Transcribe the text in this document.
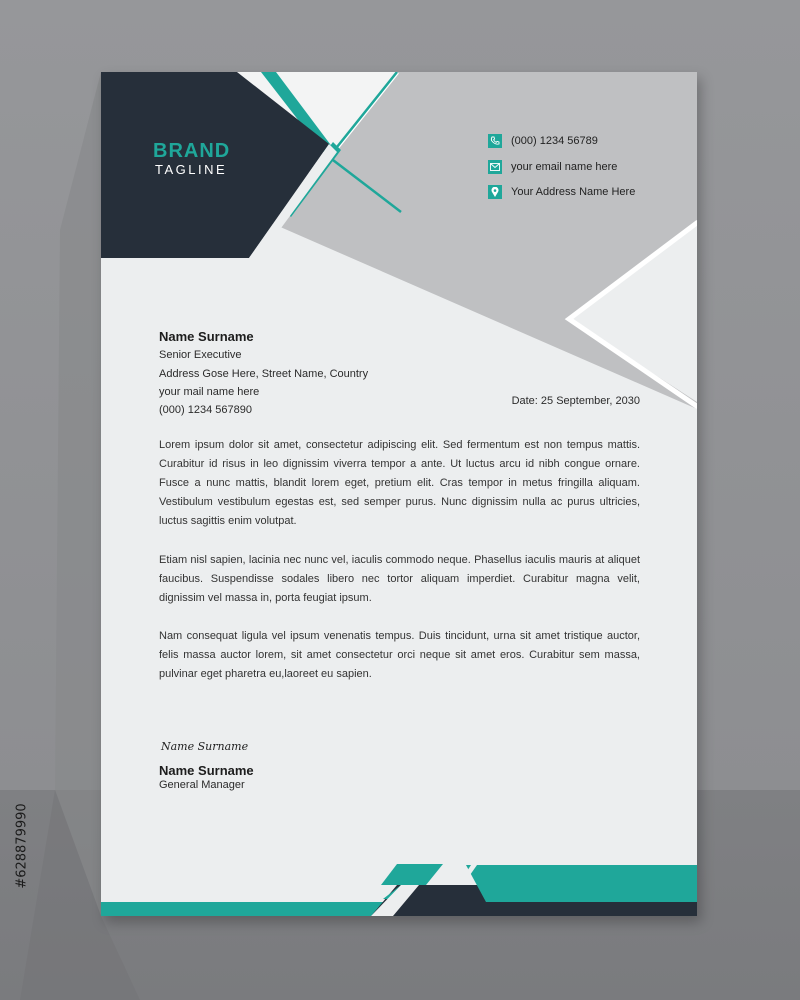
BRAND
TAGLINE
(000) 1234 56789
your email name here
Your Address Name Here
Name Surname
Senior Executive
Address Gose Here, Street Name, Country
your mail name here
(000) 1234 567890
Date: 25 September, 2030

Lorem ipsum dolor sit amet, consectetur adipiscing elit. Sed fermentum est non tempus mattis. Curabitur id risus in leo dignissim viverra tempor a ante. Ut luctus arcu id nibh congue ornare. Fusce a nunc mattis, blandit lorem eget, pretium elit. Cras tempor in metus fringilla aliquam. Vestibulum vestibulum egestas est, sed semper purus. Nunc dignissim nulla ac purus ultricies, luctus sagittis enim volutpat.

Etiam nisl sapien, lacinia nec nunc vel, iaculis commodo neque. Phasellus iaculis mauris at aliquet faucibus. Suspendisse sodales libero nec tortor aliquam imperdiet. Curabitur magna velit, dignissim vel massa in, porta feugiat ipsum.

Nam consequat ligula vel ipsum venenatis tempus. Duis tincidunt, urna sit amet tristique auctor, felis massa auctor lorem, sit amet consectetur orci neque sit amet eros. Curabitur sem massa, pulvinar eget pharetra eu,laoreet eu sapien.

Name Surname
Name Surname
General Manager
#628879990
